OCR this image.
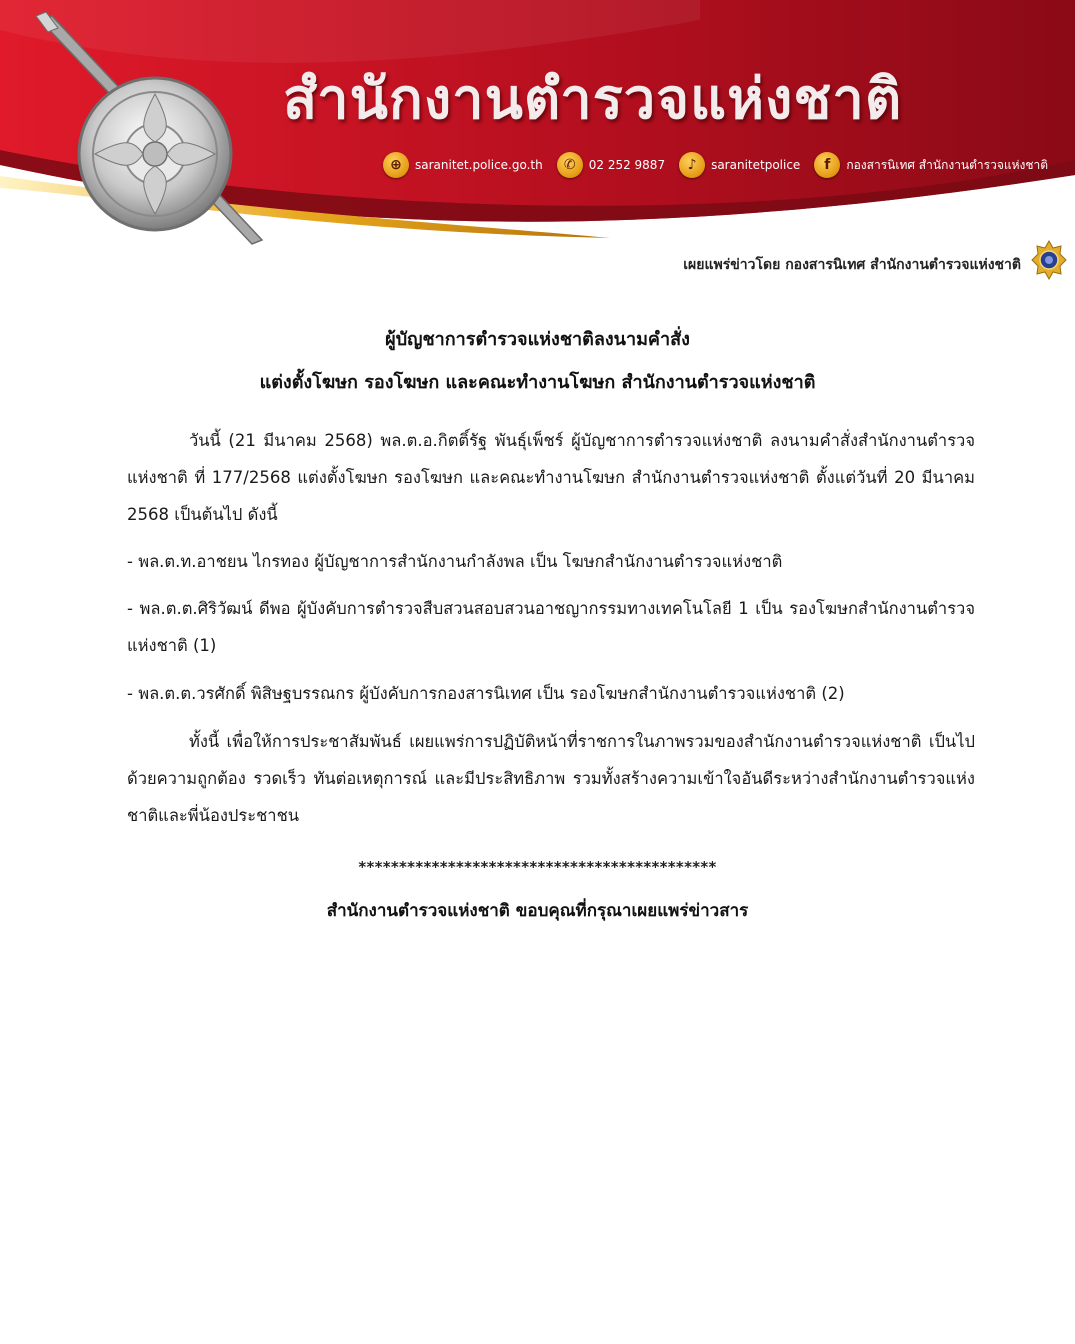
สำนักงานตำรวจแห่งชาติ
⊕	saranitet.police.go.th	✆	02 252 9887	♪	saranitetpolice	f	กองสารนิเทศ สำนักงานตำรวจแห่งชาติ
เผยแพร่ข่าวโดย กองสารนิเทศ สำนักงานตำรวจแห่งชาติ
ผู้บัญชาการตำรวจแห่งชาติลงนามคำสั่ง
แต่งตั้งโฆษก รองโฆษก และคณะทำงานโฆษก สำนักงานตำรวจแห่งชาติ
วันนี้ (21 มีนาคม 2568) พล.ต.อ.กิตติ์รัฐ พันธุ์เพ็ชร์ ผู้บัญชาการตำรวจแห่งชาติ ลงนามคำสั่งสำนักงานตำรวจแห่งชาติ ที่ 177/2568 แต่งตั้งโฆษก รองโฆษก และคณะทำงานโฆษก สำนักงานตำรวจแห่งชาติ ตั้งแต่วันที่ 20 มีนาคม 2568 เป็นต้นไป ดังนี้
- พล.ต.ท.อาชยน ไกรทอง ผู้บัญชาการสำนักงานกำลังพล เป็น โฆษกสำนักงานตำรวจแห่งชาติ
- พล.ต.ต.ศิริวัฒน์ ดีพอ ผู้บังคับการตำรวจสืบสวนสอบสวนอาชญากรรมทางเทคโนโลยี 1 เป็น รองโฆษกสำนักงานตำรวจแห่งชาติ (1)
- พล.ต.ต.วรศักดิ์ พิสิษฐบรรณกร ผู้บังคับการกองสารนิเทศ เป็น รองโฆษกสำนักงานตำรวจแห่งชาติ (2)
ทั้งนี้ เพื่อให้การประชาสัมพันธ์ เผยแพร่การปฏิบัติหน้าที่ราชการในภาพรวมของสำนักงานตำรวจแห่งชาติ เป็นไปด้วยความถูกต้อง รวดเร็ว ทันต่อเหตุการณ์ และมีประสิทธิภาพ รวมทั้งสร้างความเข้าใจอันดีระหว่างสำนักงานตำรวจแห่งชาติและพี่น้องประชาชน
********************************************
สำนักงานตำรวจแห่งชาติ ขอบคุณที่กรุณาเผยแพร่ข่าวสาร
